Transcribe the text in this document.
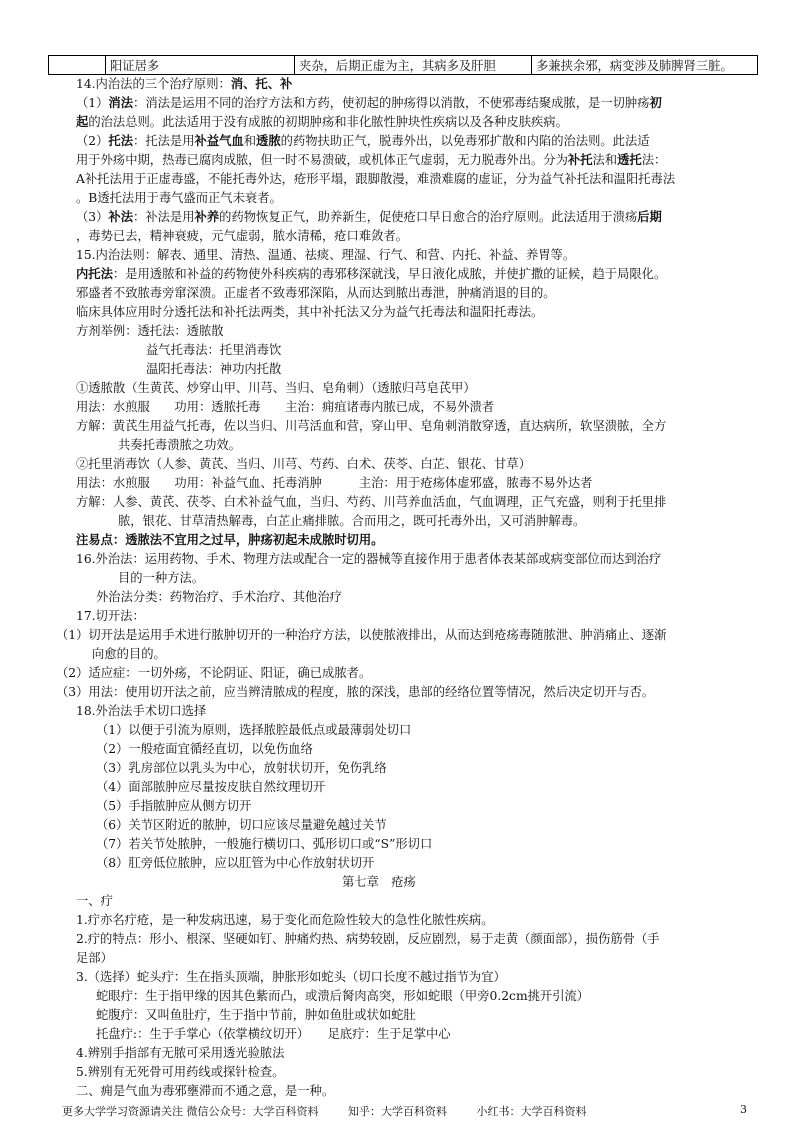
	阳证居多	夹杂，后期正虚为主，其病多及肝胆	多兼挟余邪，病变涉及肺脾肾三脏。
14.内治法的三个治疗原则：消、托、补
（1）消法：消法是运用不同的治疗方法和方药，使初起的肿疡得以消散，不使邪毒结聚成脓，是一切肿疡初
起的治法总则。此法适用于没有成脓的初期肿疡和非化脓性肿块性疾病以及各种皮肤疾病。
（2）托法：托法是用补益气血和透脓的药物扶助正气，脱毒外出，以免毒邪扩散和内陷的治法则。此法适
用于外疡中期，热毒已腐肉成脓，但一时不易溃破，或机体正气虚弱，无力脱毒外出。分为补托法和透托法：
A补托法用于正虚毒盛，不能托毒外达，疮形平塌，跟脚散漫，难溃难腐的虚证，分为益气补托法和温阳托毒法
。B透托法用于毒气盛而正气未衰者。
（3）补法：补法是用补养的药物恢复正气，助养新生，促使疮口早日愈合的治疗原则。此法适用于溃疡后期
，毒势已去，精神衰疲，元气虚弱，脓水清稀，疮口难敛者。
15.内治法则：解表、通里、清热、温通、祛痰、理湿、行气、和营、内托、补益、养胃等。
内托法：是用透脓和补益的药物使外科疾病的毒邪移深就浅，早日液化成脓，并使扩撒的证候，趋于局限化。
邪盛者不致脓毒旁窜深溃。正虚者不致毒邪深陷，从而达到脓出毒泄，肿痛消退的目的。
临床具体应用时分透托法和补托法两类，其中补托法又分为益气托毒法和温阳托毒法。
方剂举例：透托法：透脓散
益气托毒法：托里消毒饮
温阳托毒法：神功内托散
①透脓散（生黄芪、炒穿山甲、川芎、当归、皂角刺）（透脓归芎皂芪甲）
用法：水煎服　　功用：透脓托毒　　主治：痈疽诸毒内脓已成，不易外溃者
方解：黄芪生用益气托毒，佐以当归、川芎活血和营，穿山甲、皂角刺消散穿透，直达病所，软坚溃脓，全方
共奏托毒溃脓之功效。
②托里消毒饮（人参、黄芪、当归、川芎、芍药、白术、茯苓、白芷、银花、甘草）
用法：水煎服　　功用：补益气血、托毒消肿　　　主治：用于疮疡体虚邪盛，脓毒不易外达者
方解：人参、黄芪、茯苓、白术补益气血，当归、芍药、川芎养血活血，气血调理，正气充盛，则利于托里排
脓，银花、甘草清热解毒，白芷止痛排脓。合而用之，既可托毒外出，又可消肿解毒。
注易点：透脓法不宜用之过早，肿疡初起未成脓时切用。
16.外治法：运用药物、手术、物理方法或配合一定的器械等直接作用于患者体表某部或病变部位而达到治疗
目的一种方法。
外治法分类：药物治疗、手术治疗、其他治疗
17.切开法：
（1）切开法是运用手术进行脓肿切开的一种治疗方法，以使脓液排出，从而达到疮疡毒随脓泄、肿消痛止、逐渐
向愈的目的。
（2）适应症：一切外疡，不论阴证、阳证，确已成脓者。
（3）用法：使用切开法之前，应当辨清脓成的程度，脓的深浅，患部的经络位置等情况，然后决定切开与否。
18.外治法手术切口选择
（1）以便于引流为原则，选择脓腔最低点或最薄弱处切口
（2）一般疮面宜循经直切，以免伤血络
（3）乳房部位以乳头为中心，放射状切开，免伤乳络
（4）面部脓肿应尽量按皮肤自然纹理切开
（5）手指脓肿应从侧方切开
（6）关节区附近的脓肿，切口应该尽量避免越过关节
（7）若关节处脓肿，一般施行横切口、弧形切口或“S”形切口
（8）肛旁低位脓肿，应以肛管为中心作放射状切开
第七章　疮疡
一、疔
1.疔亦名疔疮，是一种发病迅速，易于变化而危险性较大的急性化脓性疾病。
2.疔的特点：形小、根深、坚硬如钉、肿痛灼热、病势较剧，反应剧烈，易于走黄（颜面部），损伤筋骨（手
足部）
3.（选择）蛇头疔：生在指头顶端，肿胀形如蛇头（切口长度不越过指节为宜）
蛇眼疔：生于指甲缘的因其色紫而凸，或溃后胬肉高突，形如蛇眼（甲旁0.2cm挑开引流）
蛇腹疔：又叫鱼肚疔，生于指中节前，肿如鱼肚或状如蛇肚
托盘疔:：生于手掌心（依掌横纹切开）　　足底疔：生于足掌中心
4.辨别手指部有无脓可采用透光验脓法
5.辨别有无死骨可用药线或探针检查。
二、痈是气血为毒邪壅滞而不通之意，是一种。
更多大学学习资源请关注 微信公众号：大学百科资料	知乎：大学百科资料	小红书：大学百科资料	3
